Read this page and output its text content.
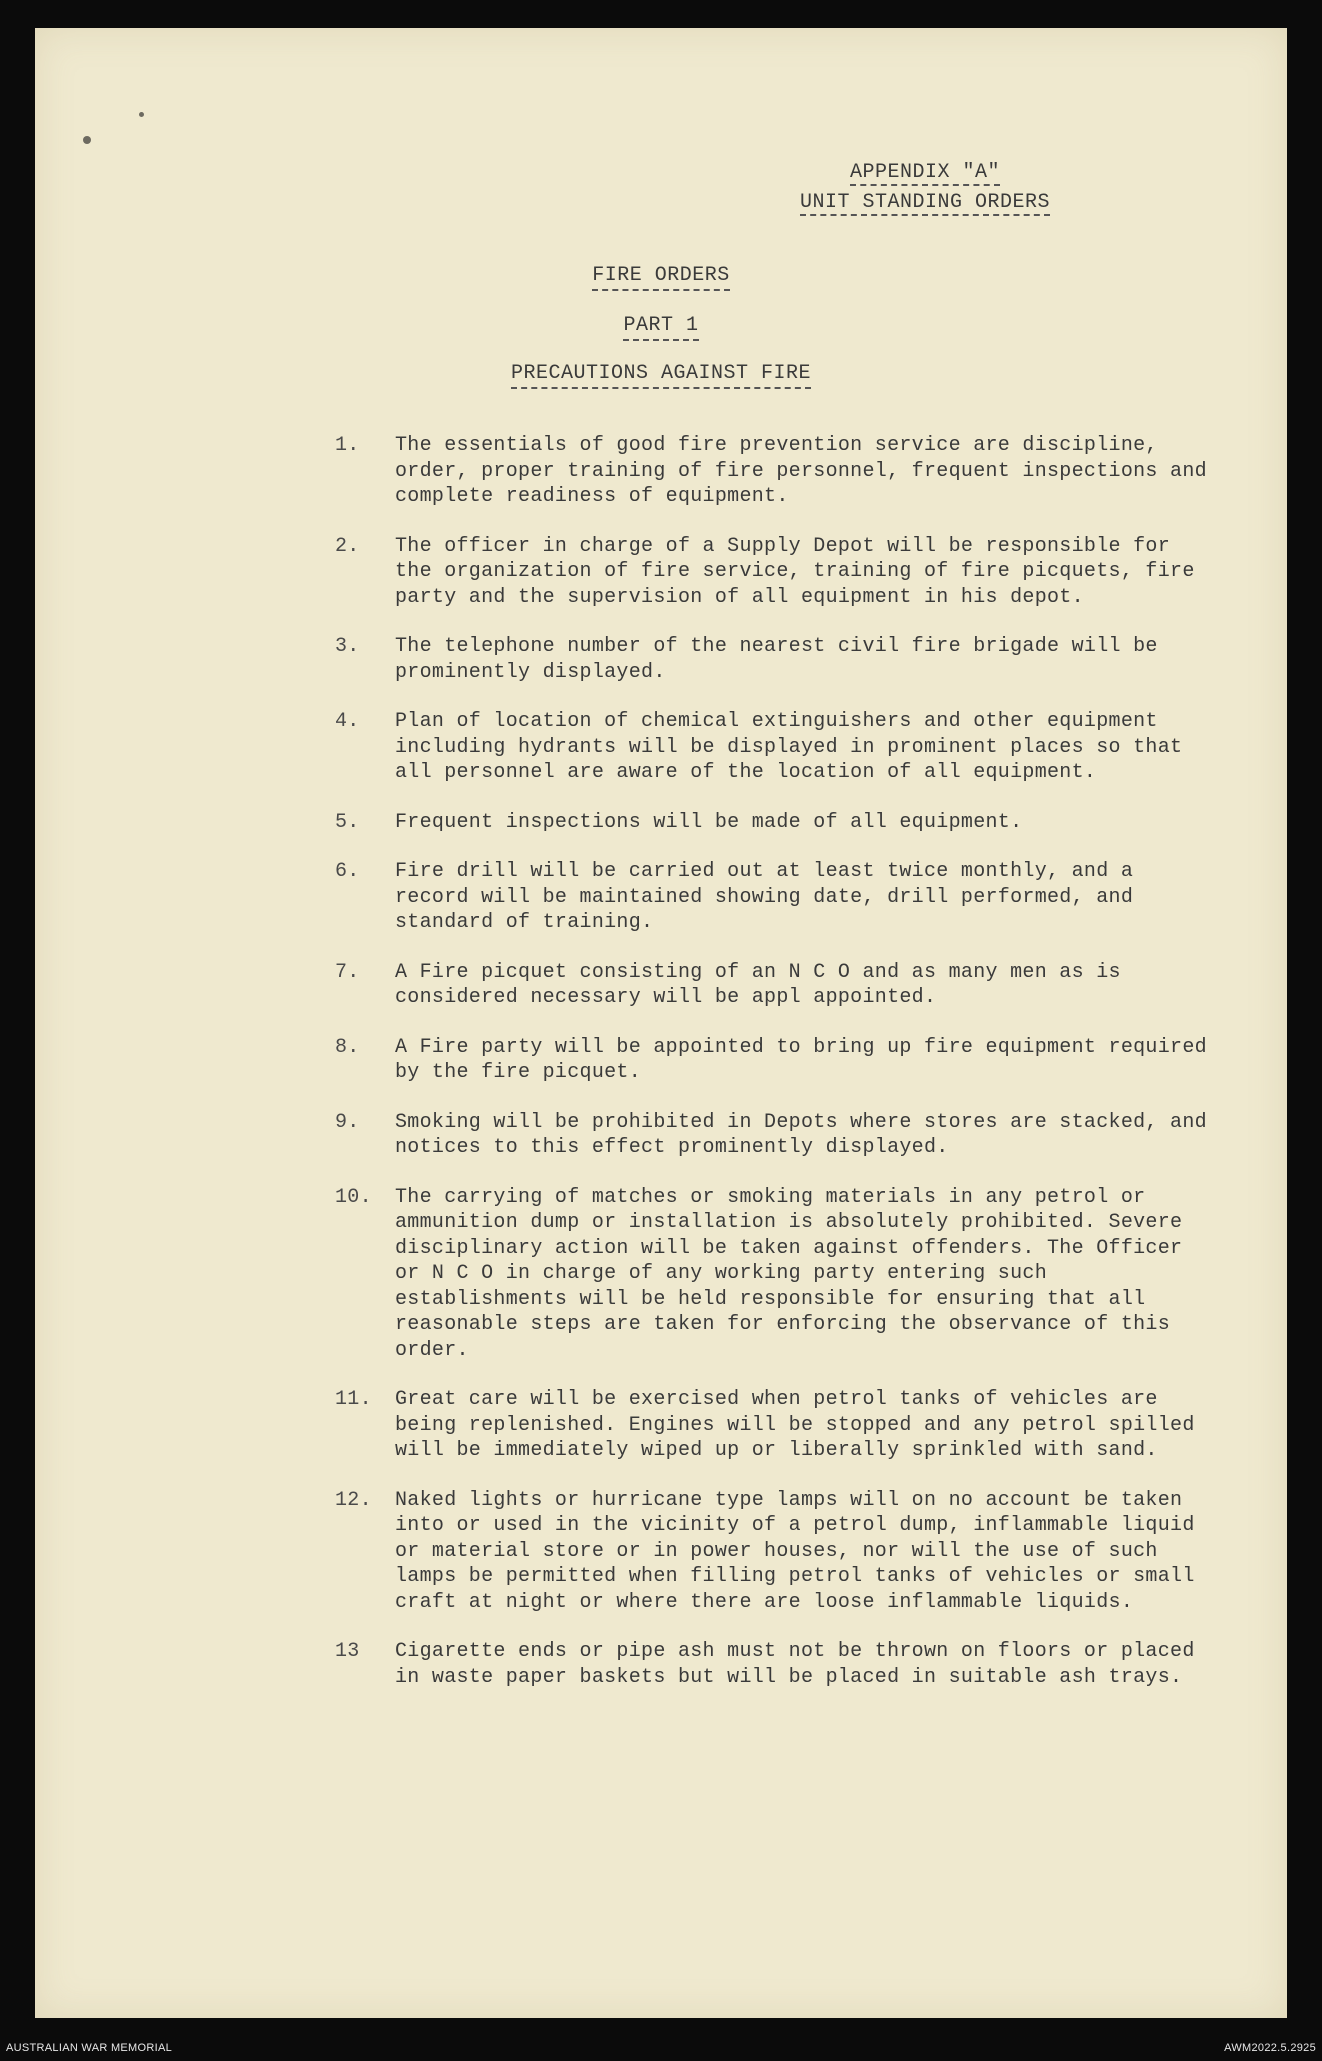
APPENDIX "A"
UNIT STANDING ORDERS
FIRE ORDERS
PART 1
PRECAUTIONS AGAINST FIRE
1.	The essentials of good fire prevention service are discipline, order, proper training of fire personnel, frequent inspections and complete readiness of equipment.
2.	The officer in charge of a Supply Depot will be responsible for the organization of fire service, training of fire picquets, fire party and the supervision of all equipment in his depot.
3.	The telephone number of the nearest civil fire brigade will be prominently displayed.
4.	Plan of location of chemical extinguishers and other equipment including hydrants will be displayed in prominent places so that all personnel are aware of the location of all equipment.
5.	Frequent inspections will be made of all equipment.
6.	Fire drill will be carried out at least twice monthly, and a record will be maintained showing date, drill performed, and standard of training.
7.	A Fire picquet consisting of an N C O and as many men as is considered necessary will be appl appointed.
8.	A Fire party will be appointed to bring up fire equipment required by the fire picquet.
9.	Smoking will be prohibited in Depots where stores are stacked, and notices to this effect prominently displayed.
10.	The carrying of matches or smoking materials in any petrol or ammunition dump or installation is absolutely prohibited. Severe disciplinary action will be taken against offenders. The Officer or N C O in charge of any working party entering such establishments will be held responsible for ensuring that all reasonable steps are taken for enforcing the observance of this order.
11.	Great care will be exercised when petrol tanks of vehicles are being replenished. Engines will be stopped and any petrol spilled will be immediately wiped up or liberally sprinkled with sand.
12.	Naked lights or hurricane type lamps will on no account be taken into or used in the vicinity of a petrol dump, inflammable liquid or material store or in power houses, nor will the use of such lamps be permitted when filling petrol tanks of vehicles or small craft at night or where there are loose inflammable liquids.
13	Cigarette ends or pipe ash must not be thrown on floors or placed in waste paper baskets but will be placed in suitable ash trays.
AUSTRALIAN WAR MEMORIAL	AWM2022.5.2925
